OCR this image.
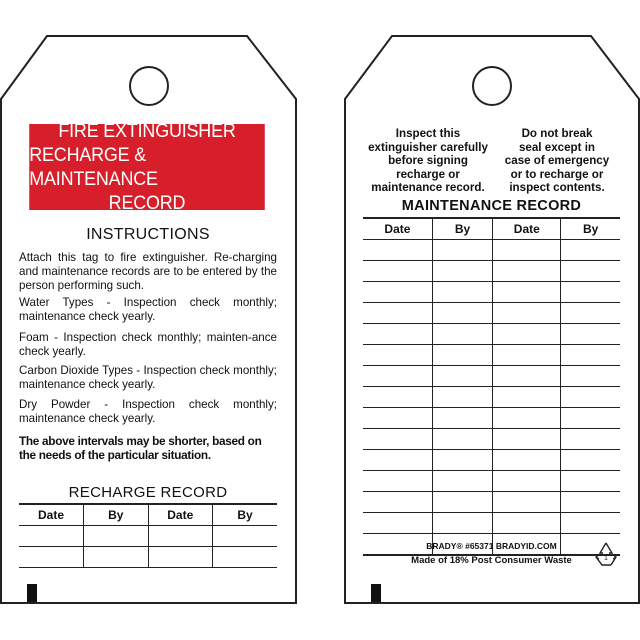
FIRE EXTINGUISHER
RECHARGE & MAINTENANCE
RECORD
INSTRUCTIONS
Attach this tag to fire extinguisher. Re-charging and maintenance records are to be entered by the person performing such.
Water Types - Inspection check monthly; maintenance check yearly.
Foam - Inspection check monthly; mainten-ance check yearly.
Carbon Dioxide Types - Inspection check monthly; maintenance check yearly.
Dry Powder - Inspection check monthly; maintenance check yearly.
The above intervals may be shorter, based on the needs of the particular situation.
RECHARGE RECORD
Date	By	Date	By

Inspect this
extinguisher carefully
before signing
recharge or
maintenance record.
Do not break
seal except in
case of emergency
or to recharge or
inspect contents.
MAINTENANCE RECORD
Date	By	Date	By

BRADY® #65371 BRADYID.COM
Made of 18% Post Consumer Waste	1
